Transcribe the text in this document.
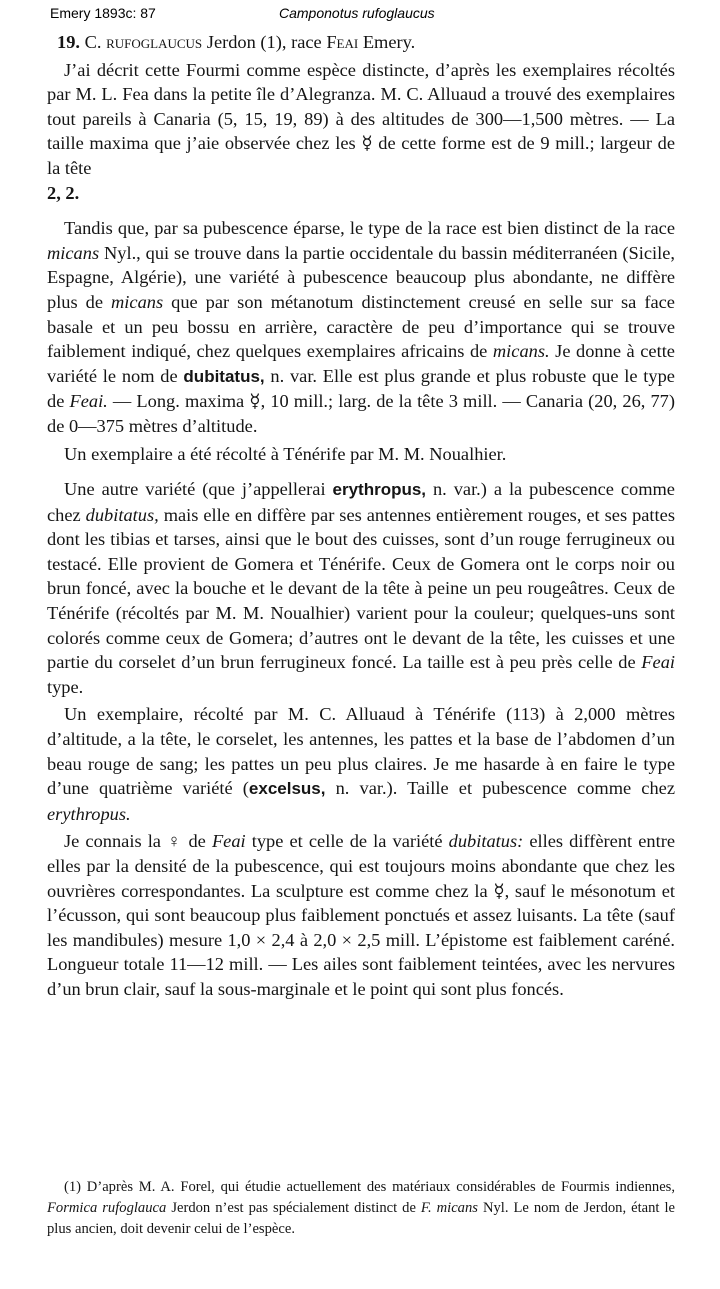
Emery 1893c: 87	Camponotus rufoglaucus

19. C. rufoglaucus Jerdon (1), race Feai Emery.

J’ai décrit cette Fourmi comme espèce distincte, d’après les exemplaires récoltés par M. L. Fea dans la petite île d’Alegranza. M. C. Alluaud a trouvé des exemplaires tout pareils à Canaria (5, 15, 19, 89) à des altitudes de 300—1,500 mètres. — La taille maxima que j’aie observée chez les ☿ de cette forme est de 9 mill.; largeur de la tête
2, 2.

Tandis que, par sa pubescence éparse, le type de la race est bien distinct de la race micans Nyl., qui se trouve dans la partie occidentale du bassin méditerranéen (Sicile, Espagne, Algérie), une variété à pubescence beaucoup plus abondante, ne diffère plus de micans que par son métanotum distinctement creusé en selle sur sa face basale et un peu bossu en arrière, caractère de peu d’importance qui se trouve faiblement indiqué, chez quelques exemplaires africains de micans. Je donne à cette variété le nom de dubitatus, n. var. Elle est plus grande et plus robuste que le type de Feai. — Long. maxima ☿, 10 mill.; larg. de la tête 3 mill. — Canaria (20, 26, 77) de 0—375 mètres d’altitude.

Un exemplaire a été récolté à Ténérife par M. M. Noualhier.

Une autre variété (que j’appellerai erythropus, n. var.) a la pubescence comme chez dubitatus, mais elle en diffère par ses antennes entièrement rouges, et ses pattes dont les tibias et tarses, ainsi que le bout des cuisses, sont d’un rouge ferrugineux ou testacé. Elle provient de Gomera et Ténérife. Ceux de Gomera ont le corps noir ou brun foncé, avec la bouche et le devant de la tête à peine un peu rougeâtres. Ceux de Ténérife (récoltés par M. M. Noualhier) varient pour la couleur; quelques-uns sont colorés comme ceux de Gomera; d’autres ont le devant de la tête, les cuisses et une partie du corselet d’un brun ferrugineux foncé. La taille est à peu près celle de Feai type.

Un exemplaire, récolté par M. C. Alluaud à Ténérife (113) à 2,000 mètres d’altitude, a la tête, le corselet, les antennes, les pattes et la base de l’abdomen d’un beau rouge de sang; les pattes un peu plus claires. Je me hasarde à en faire le type d’une quatrième variété (excelsus, n. var.). Taille et pubescence comme chez erythropus.

Je connais la ♀ de Feai type et celle de la variété dubitatus: elles diffèrent entre elles par la densité de la pubescence, qui est toujours moins abondante que chez les ouvrières correspondantes. La sculpture est comme chez la ☿, sauf le mésonotum et l’écusson, qui sont beaucoup plus faiblement ponctués et assez luisants. La tête (sauf les mandibules) mesure 1,0 × 2,4 à 2,0 × 2,5 mill. L’épistome est faiblement caréné. Longueur totale 11—12 mill. — Les ailes sont faiblement teintées, avec les nervures d’un brun clair, sauf la sous-marginale et le point qui sont plus foncés.

(1) D’après M. A. Forel, qui étudie actuellement des matériaux considérables de Fourmis indiennes, Formica rufoglauca Jerdon n’est pas spécialement distinct de F. micans Nyl. Le nom de Jerdon, étant le plus ancien, doit devenir celui de l’espèce.
